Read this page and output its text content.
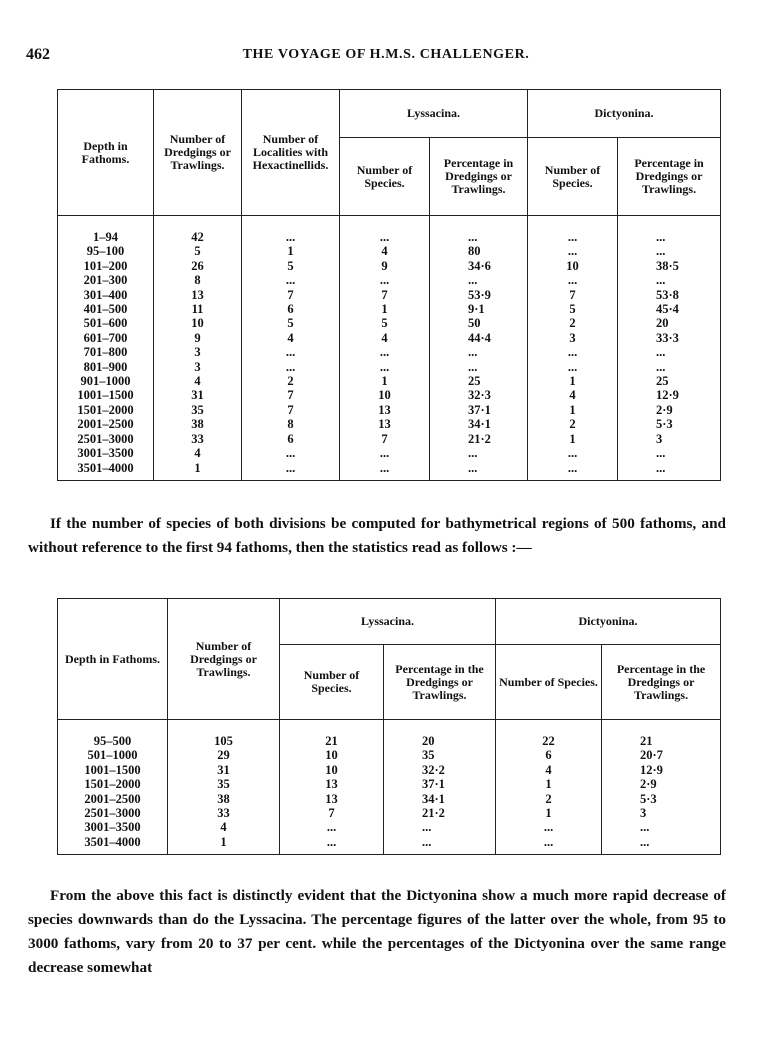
462	THE VOYAGE OF H.M.S. CHALLENGER.
Depth in Fathoms.	Number of Dredgings or Trawlings.	Number of Localities with Hexactinellids.	Lyssacina.		Dictyonina.	
			Number of Species.	Percentage in Dredgings or Trawlings.	Number of Species.	Percentage in Dredgings or Trawlings.
1–94	42	...	...	...	...	...
95–100	5	1	4	80	...	...
101–200	26	5	9	34·6	10	38·5
201–300	8	...	...	...	...	...
301–400	13	7	7	53·9	7	53·8
401–500	11	6	1	9·1	5	45·4
501–600	10	5	5	50	2	20
601–700	9	4	4	44·4	3	33·3
701–800	3	...	...	...	...	...
801–900	3	...	...	...	...	...
901–1000	4	2	1	25	1	25
1001–1500	31	7	10	32·3	4	12·9
1501–2000	35	7	13	37·1	1	2·9
2001–2500	38	8	13	34·1	2	5·3
2501–3000	33	6	7	21·2	1	3
3001–3500	4	...	...	...	...	...
3501–4000	1	...	...	...	...	...

If the number of species of both divisions be computed for bathymetrical regions of 500 fathoms, and without reference to the first 94 fathoms, then the statistics read as follows :—

Depth in Fathoms.	Number of Dredgings or Trawlings.	Lyssacina.		Dictyonina.	
		Number of Species.	Percentage in the Dredgings or Trawlings.	Number of Species.	Percentage in the Dredgings or Trawlings.
95–500	105	21	20	22	21
501–1000	29	10	35	6	20·7
1001–1500	31	10	32·2	4	12·9
1501–2000	35	13	37·1	1	2·9
2001–2500	38	13	34·1	2	5·3
2501–3000	33	7	21·2	1	3
3001–3500	4	...	...	...	...
3501–4000	1	...	...	...	...

From the above this fact is distinctly evident that the Dictyonina show a much more rapid decrease of species downwards than do the Lyssacina. The percentage figures of the latter over the whole, from 95 to 3000 fathoms, vary from 20 to 37 per cent. while the percentages of the Dictyonina over the same range decrease somewhat
